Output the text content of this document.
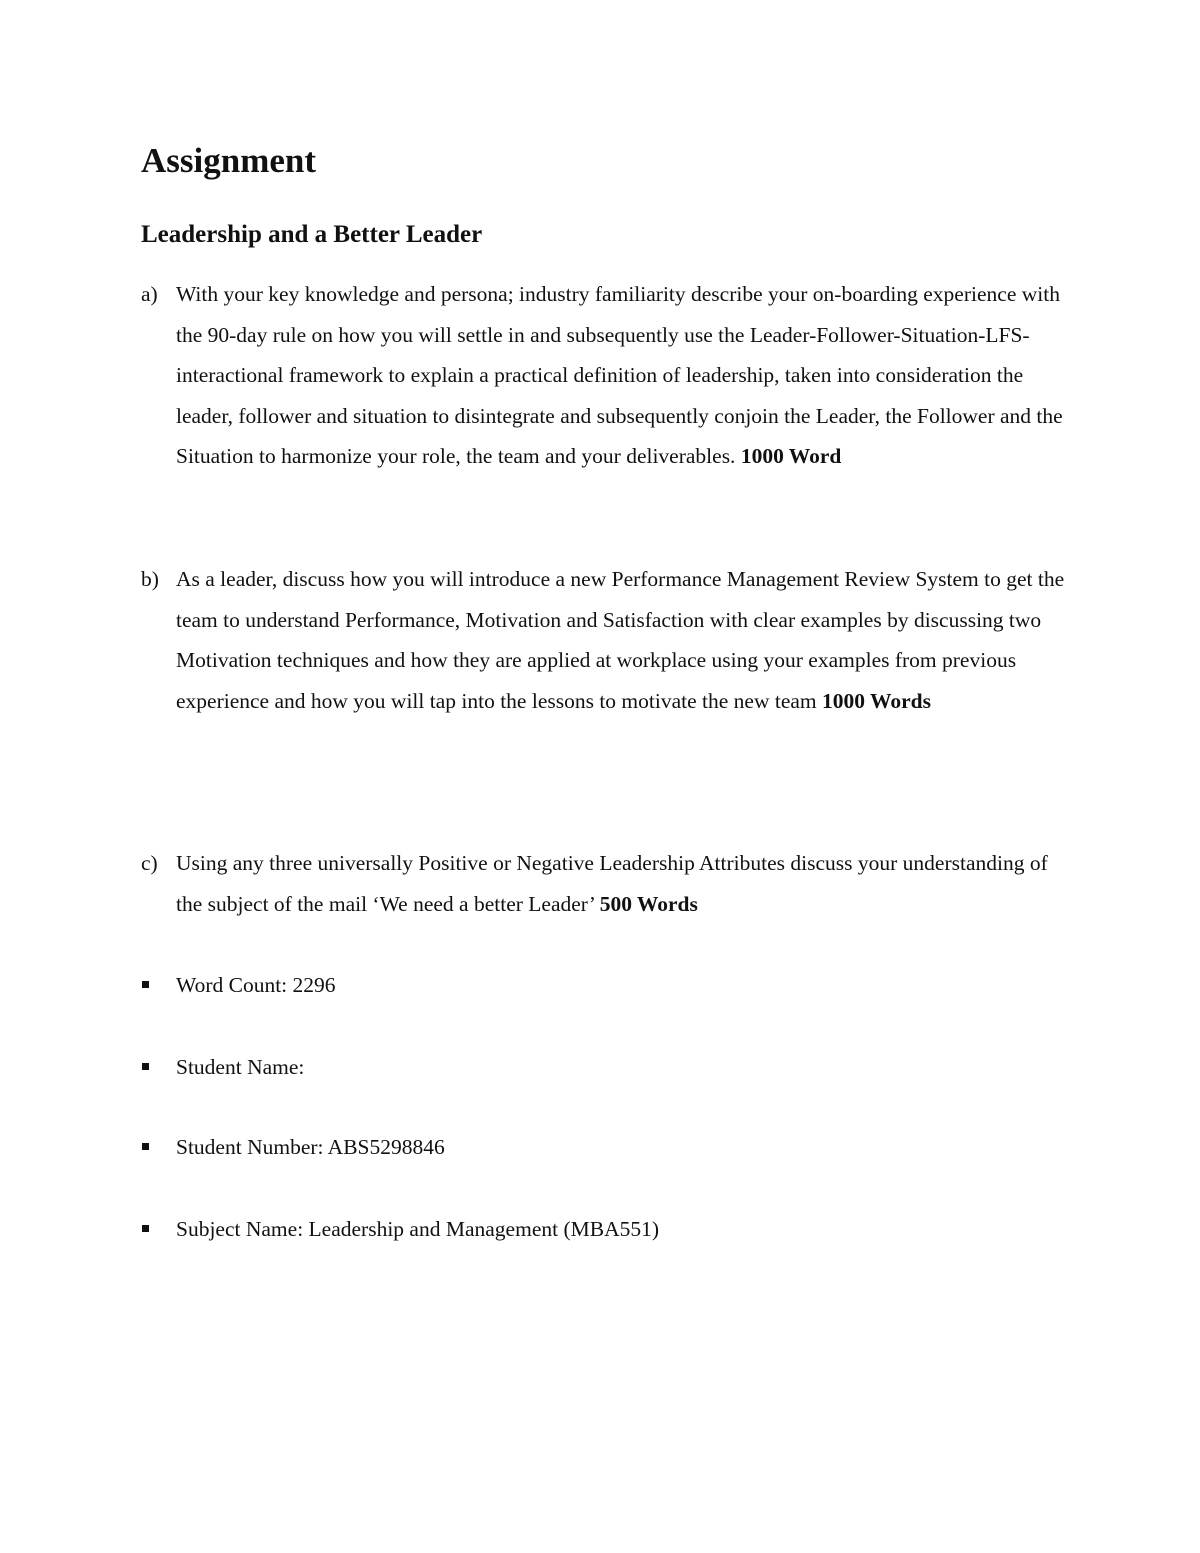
Assignment
Leadership and a Better Leader
a) With your key knowledge and persona; industry familiarity describe your on-boarding experience with the 90-day rule on how you will settle in and subsequently use the Leader-Follower-Situation-LFS-interactional framework to explain a practical definition of leadership, taken into consideration the leader, follower and situation to disintegrate and subsequently conjoin the Leader, the Follower and the Situation to harmonize your role, the team and your deliverables. 1000 Word
b) As a leader, discuss how you will introduce a new Performance Management Review System to get the team to understand Performance, Motivation and Satisfaction with clear examples by discussing two Motivation techniques and how they are applied at workplace using your examples from previous experience and how you will tap into the lessons to motivate the new team 1000 Words
c) Using any three universally Positive or Negative Leadership Attributes discuss your understanding of the subject of the mail ‘We need a better Leader’ 500 Words
Word Count: 2296
Student Name:
Student Number: ABS5298846
Subject Name: Leadership and Management (MBA551)
